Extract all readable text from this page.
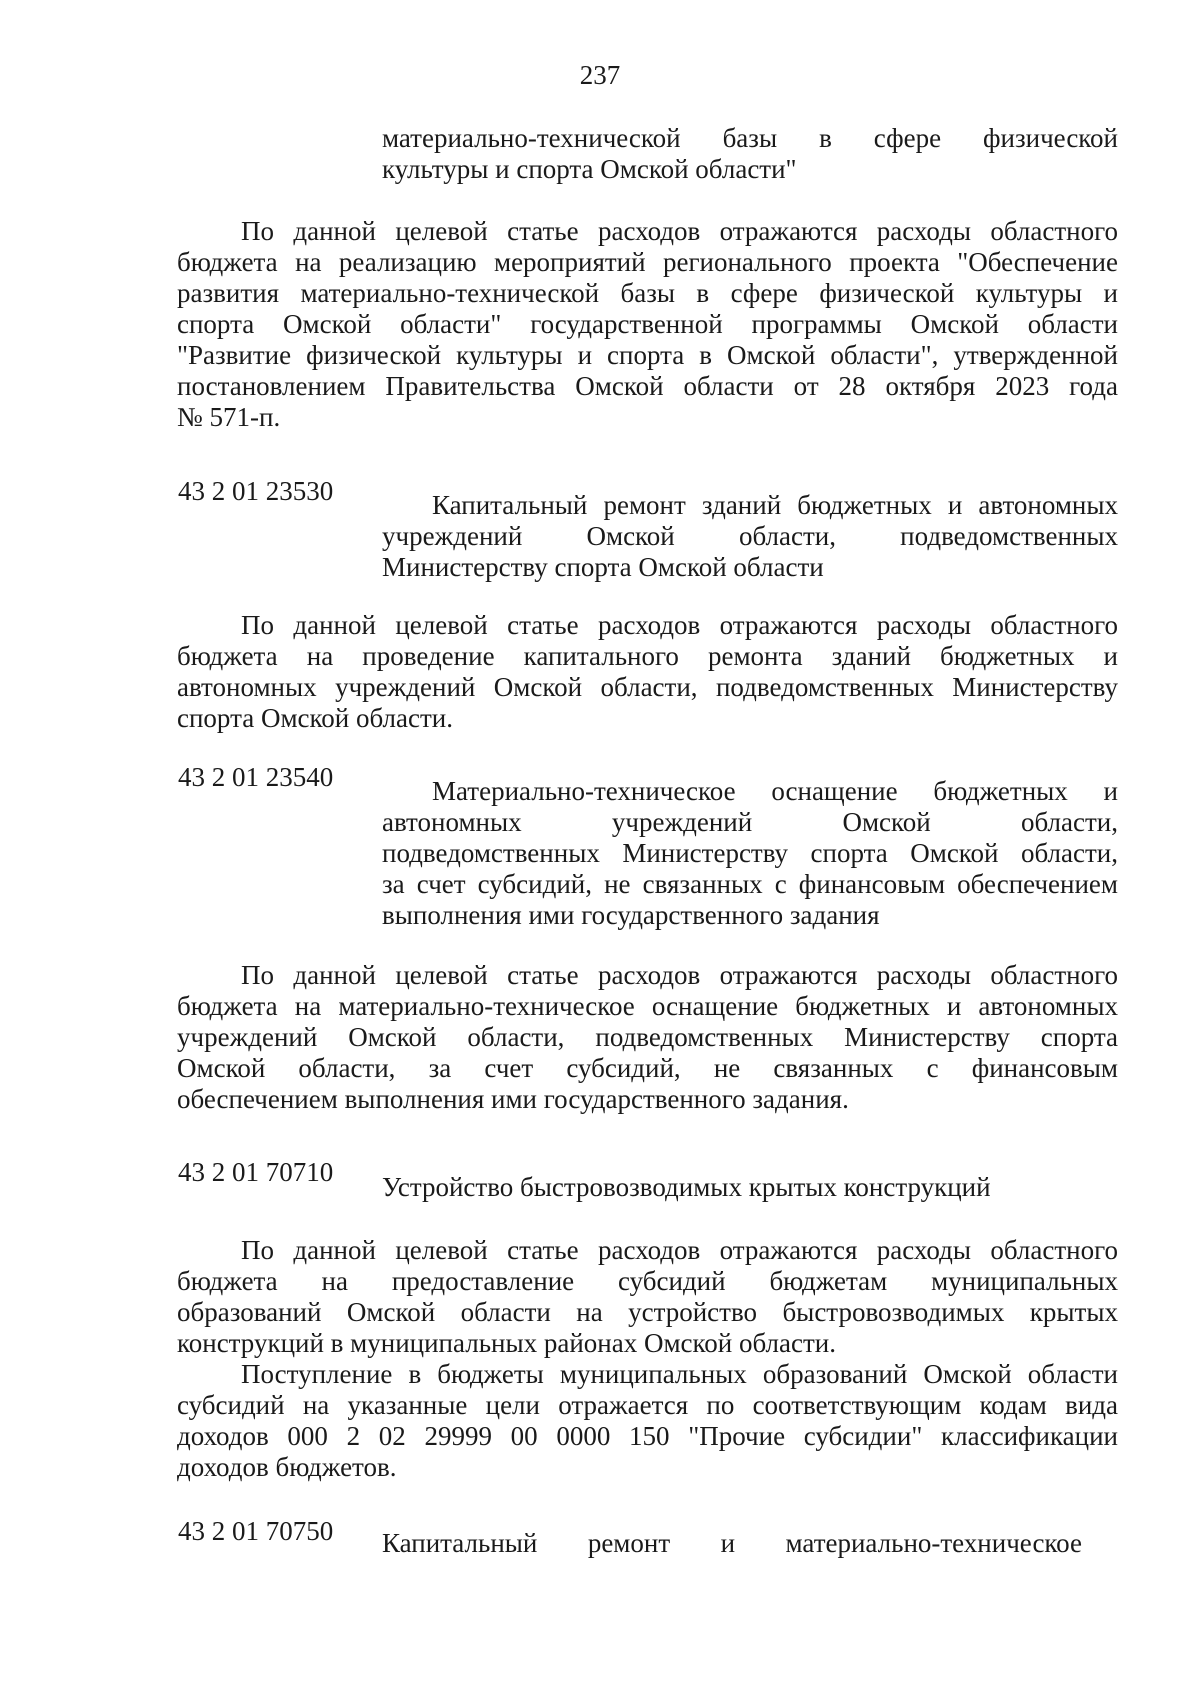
237
материально-технической базы в сфере физической
культуры и спорта Омской области"
По данной целевой статье расходов отражаются расходы областного
бюджета на реализацию мероприятий регионального проекта "Обеспечение
развития материально-технической базы в сфере физической культуры и
спорта Омской области" государственной программы Омской области
"Развитие физической культуры и спорта в Омской области", утвержденной
постановлением Правительства Омской области от 28 октября 2023 года
№ 571-п.
43 2 01 23530	Капитальный ремонт зданий бюджетных и автономных
учреждений Омской области, подведомственных
Министерству спорта Омской области
По данной целевой статье расходов отражаются расходы областного
бюджета на проведение капитального ремонта зданий бюджетных и
автономных учреждений Омской области, подведомственных Министерству
спорта Омской области.
43 2 01 23540	Материально-техническое оснащение бюджетных и
автономных учреждений Омской области,
подведомственных Министерству спорта Омской области,
за счет субсидий, не связанных с финансовым обеспечением
выполнения ими государственного задания
По данной целевой статье расходов отражаются расходы областного
бюджета на материально-техническое оснащение бюджетных и автономных
учреждений Омской области, подведомственных Министерству спорта
Омской области, за счет субсидий, не связанных с финансовым
обеспечением выполнения ими государственного задания.
43 2 01 70710 Устройство быстровозводимых крытых конструкций
По данной целевой статье расходов отражаются расходы областного
бюджета на предоставление субсидий бюджетам муниципальных
образований Омской области на устройство быстровозводимых крытых
конструкций в муниципальных районах Омской области.
Поступление в бюджеты муниципальных образований Омской области
субсидий на указанные цели отражается по соответствующим кодам вида
доходов 000 2 02 29999 00 0000 150 "Прочие субсидии" классификации
доходов бюджетов.
43 2 01 70750 Капитальный ремонт и материально-техническое
